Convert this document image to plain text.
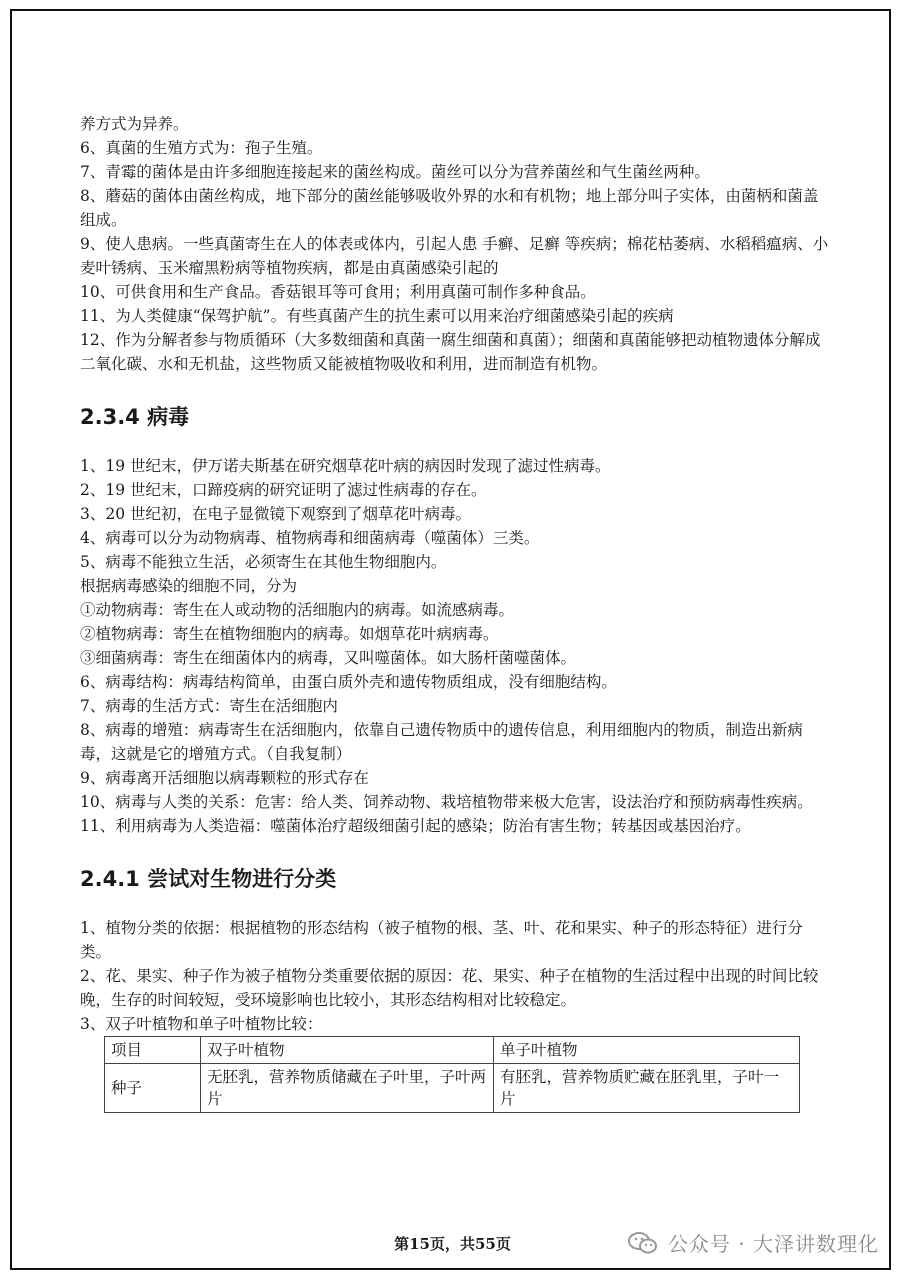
养方式为异养。

6、真菌的生殖方式为：孢子生殖。

7、青霉的菌体是由许多细胞连接起来的菌丝构成。菌丝可以分为营养菌丝和气生菌丝两种。

8、蘑菇的菌体由菌丝构成，地下部分的菌丝能够吸收外界的水和有机物；地上部分叫子实体，由菌柄和菌盖组成。

9、使人患病。一些真菌寄生在人的体表或体内，引起人患 手癣、足癣 等疾病；棉花枯萎病、水稻稻瘟病、小麦叶锈病、玉米瘤黑粉病等植物疾病，都是由真菌感染引起的

10、可供食用和生产食品。香菇银耳等可食用；利用真菌可制作多种食品。

11、为人类健康“保驾护航”。有些真菌产生的抗生素可以用来治疗细菌感染引起的疾病

12、作为分解者参与物质循环（大多数细菌和真菌一腐生细菌和真菌）；细菌和真菌能够把动植物遗体分解成二氧化碳、水和无机盐，这些物质又能被植物吸收和利用，进而制造有机物。

2.3.4 病毒

1、19 世纪末，伊万诺夫斯基在研究烟草花叶病的病因时发现了滤过性病毒。

2、19 世纪末，口蹄疫病的研究证明了滤过性病毒的存在。

3、20 世纪初，在电子显微镜下观察到了烟草花叶病毒。

4、病毒可以分为动物病毒、植物病毒和细菌病毒（噬菌体）三类。

5、病毒不能独立生活，必须寄生在其他生物细胞内。

根据病毒感染的细胞不同，分为

①动物病毒：寄生在人或动物的活细胞内的病毒。如流感病毒。

②植物病毒：寄生在植物细胞内的病毒。如烟草花叶病病毒。

③细菌病毒：寄生在细菌体内的病毒，又叫噬菌体。如大肠杆菌噬菌体。

6、病毒结构：病毒结构简单，由蛋白质外壳和遗传物质组成，没有细胞结构。

7、病毒的生活方式：寄生在活细胞内

8、病毒的增殖：病毒寄生在活细胞内，依靠自己遗传物质中的遗传信息，利用细胞内的物质，制造出新病毒，这就是它的增殖方式。（自我复制）

9、病毒离开活细胞以病毒颗粒的形式存在

10、病毒与人类的关系：危害：给人类、饲养动物、栽培植物带来极大危害，设法治疗和预防病毒性疾病。

11、利用病毒为人类造福：噬菌体治疗超级细菌引起的感染；防治有害生物；转基因或基因治疗。

2.4.1 尝试对生物进行分类

1、植物分类的依据：根据植物的形态结构（被子植物的根、茎、叶、花和果实、种子的形态特征）进行分类。

2、花、果实、种子作为被子植物分类重要依据的原因：花、果实、种子在植物的生活过程中出现的时间比较晚，生存的时间较短，受环境影响也比较小，其形态结构相对比较稳定。

3、双子叶植物和单子叶植物比较：

项目	双子叶植物	单子叶植物
种子	无胚乳，营养物质储藏在子叶里，子叶两片	有胚乳，营养物质贮藏在胚乳里，子叶一片
第15页，共55页	公众号 · 大泽讲数理化
